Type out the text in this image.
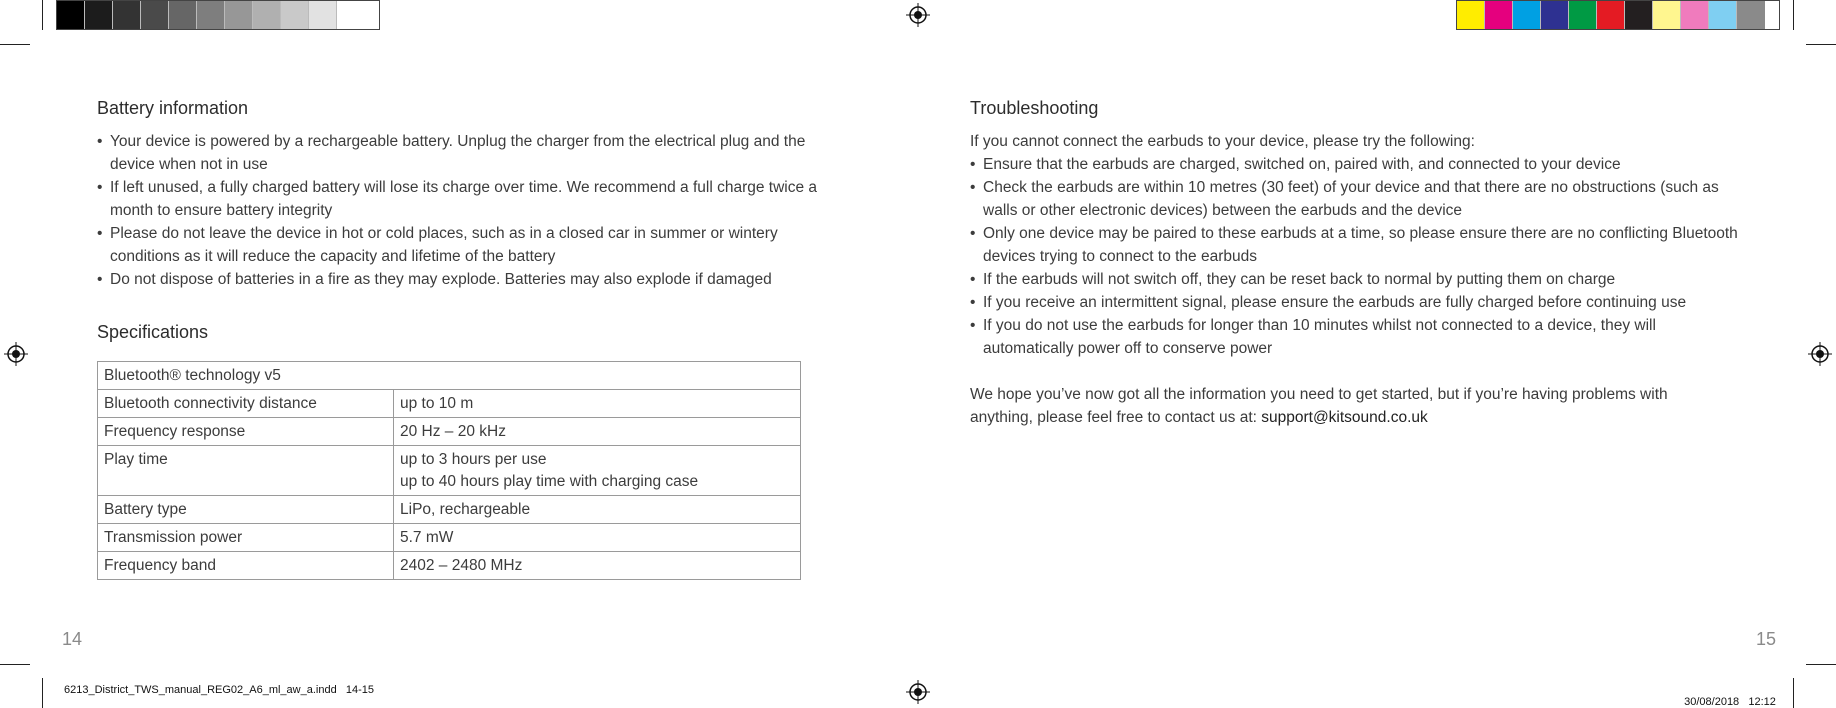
Battery information
• Your device is powered by a rechargeable battery. Unplug the charger from the electrical plug and the device when not in use
• If left unused, a fully charged battery will lose its charge over time. We recommend a full charge twice a month to ensure battery integrity
• Please do not leave the device in hot or cold places, such as in a closed car in summer or wintery conditions as it will reduce the capacity and lifetime of the battery
• Do not dispose of batteries in a fire as they may explode. Batteries may also explode if damaged
Specifications
Bluetooth® technology v5	
Bluetooth connectivity distance	up to 10 m
Frequency response	20 Hz – 20 kHz
Play time	up to 3 hours per use
up to 40 hours play time with charging case

Battery type	LiPo, rechargeable
Transmission power	5.7 mW
Frequency band	2402 – 2480 MHz
14
Troubleshooting
If you cannot connect the earbuds to your device, please try the following:
• Ensure that the earbuds are charged, switched on, paired with, and connected to your device
• Check the earbuds are within 10 metres (30 feet) of your device and that there are no obstructions (such as walls or other electronic devices) between the earbuds and the device
• Only one device may be paired to these earbuds at a time, so please ensure there are no conflicting Bluetooth devices trying to connect to the earbuds
• If the earbuds will not switch off, they can be reset back to normal by putting them on charge
• If you receive an intermittent signal, please ensure the earbuds are fully charged before continuing use
• If you do not use the earbuds for longer than 10 minutes whilst not connected to a device, they will automatically power off to conserve power
We hope you’ve now got all the information you need to get started, but if you’re having problems with anything, please feel free to contact us at: support@kitsound.co.uk
15
6213_District_TWS_manual_REG02_A6_ml_aw_a.indd   14-15

30/08/2018 12:12
